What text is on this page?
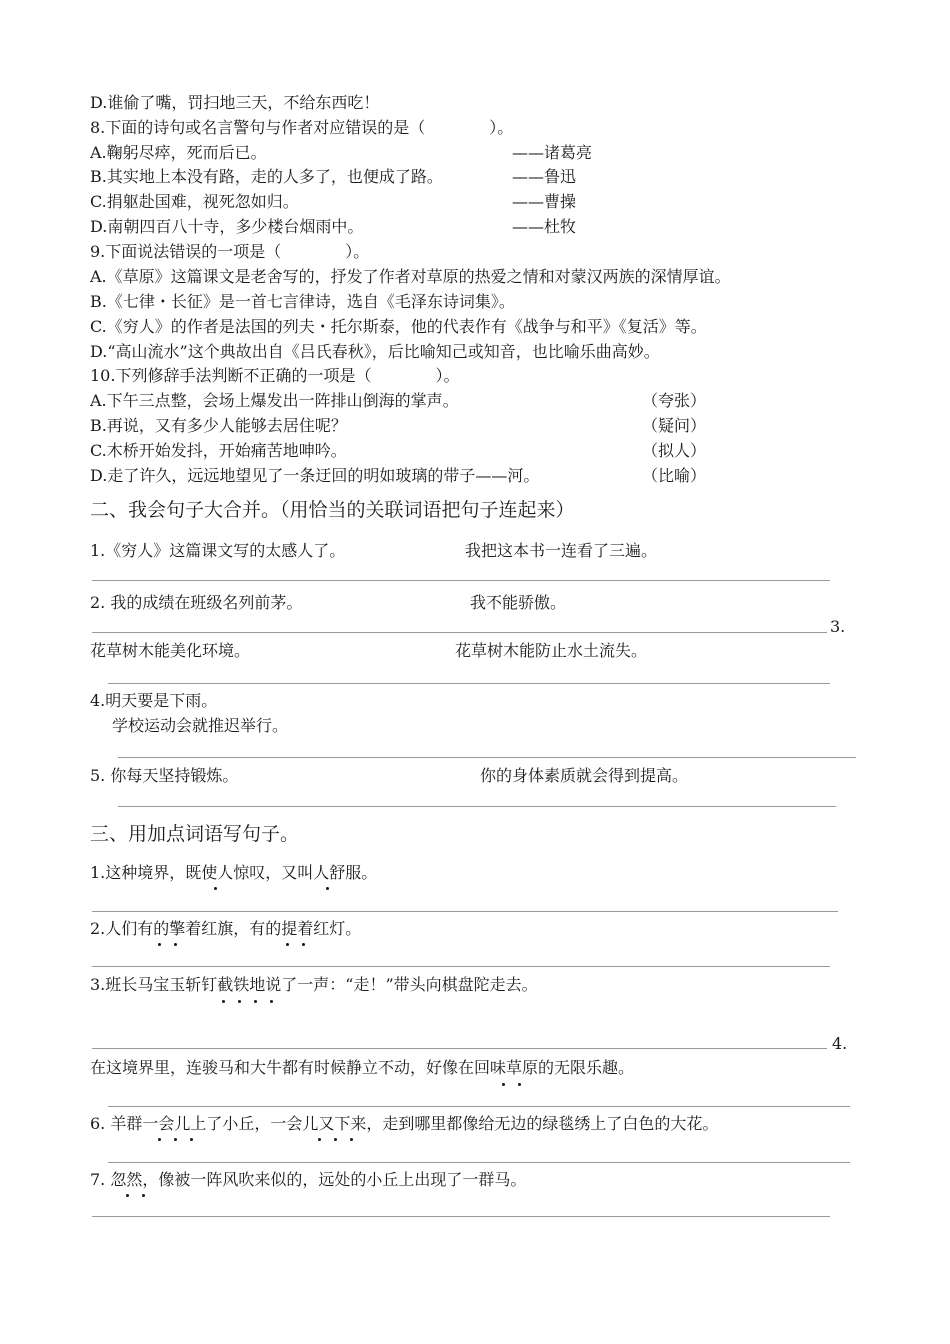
D.谁偷了嘴，罚扫地三天，不给东西吃！
8.下面的诗句或名言警句与作者对应错误的是（　　　　）。
A.鞠躬尽瘁，死而后已。	——诸葛亮
B.其实地上本没有路，走的人多了，也便成了路。	——鲁迅
C.捐躯赴国难，视死忽如归。	——曹操
D.南朝四百八十寺，多少楼台烟雨中。	——杜牧
9.下面说法错误的一项是（　　　　）。
A.《草原》这篇课文是老舍写的，抒发了作者对草原的热爱之情和对蒙汉两族的深情厚谊。
B.《七律・长征》是一首七言律诗，选自《毛泽东诗词集》。
C.《穷人》的作者是法国的列夫・托尔斯泰，他的代表作有《战争与和平》《复活》等。
D.“高山流水”这个典故出自《吕氏春秋》，后比喻知己或知音，也比喻乐曲高妙。
10.下列修辞手法判断不正确的一项是（　　　　）。
A.下午三点整，会场上爆发出一阵排山倒海的掌声。	（夸张）
B.再说，又有多少人能够去居住呢？	（疑问）
C.木桥开始发抖，开始痛苦地呻吟。	（拟人）
D.走了许久，远远地望见了一条迂回的明如玻璃的带子——河。	（比喻）
二、我会句子大合并。（用恰当的关联词语把句子连起来）
1.《穷人》这篇课文写的太感人了。	我把这本书一连看了三遍。
2. 我的成绩在班级名列前茅。	我不能骄傲。
3.
花草树木能美化环境。	花草树木能防止水土流失。
4.明天要是下雨。
学校运动会就推迟举行。
5. 你每天坚持锻炼。	你的身体素质就会得到提高。
三、用加点词语写句子。
1.这种境界，既使人惊叹，又叫人舒服。
2.人们有的擎着红旗，有的提着红灯。
3.班长马宝玉斩钉截铁地说了一声：“走！”带头向棋盘陀走去。
4.
在这境界里，连骏马和大牛都有时候静立不动，好像在回味草原的无限乐趣。
6. 羊群一会儿上了小丘，一会儿又下来，走到哪里都像给无边的绿毯绣上了白色的大花。
7. 忽然，像被一阵风吹来似的，远处的小丘上出现了一群马。
